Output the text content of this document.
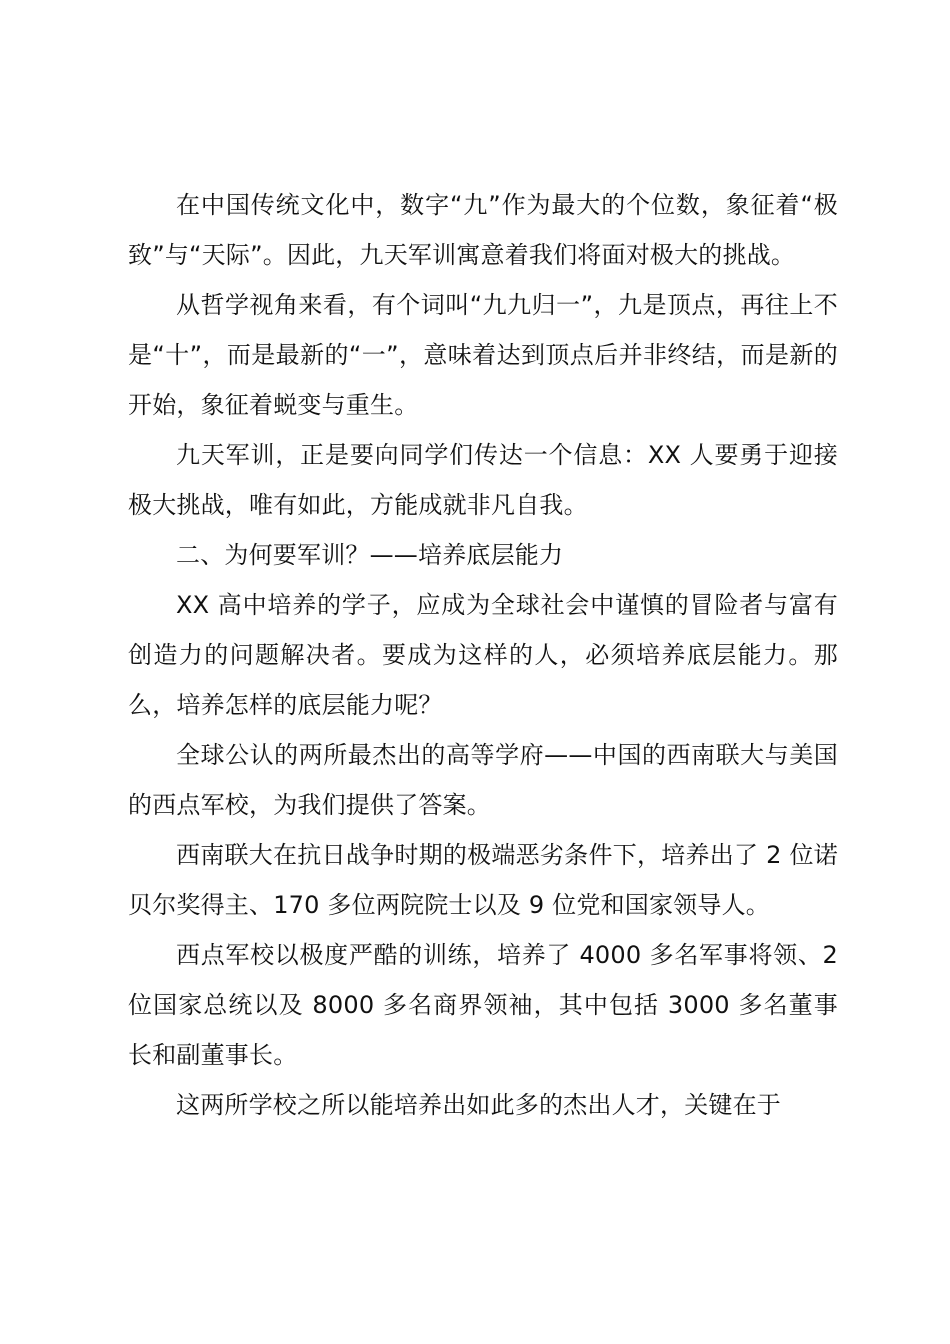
在中国传统文化中，数字“九”作为最大的个位数，象征着“极致”与“天际”。因此，九天军训寓意着我们将面对极大的挑战。

从哲学视角来看，有个词叫“九九归一”，九是顶点，再往上不是“十”，而是最新的“一”，意味着达到顶点后并非终结，而是新的开始，象征着蜕变与重生。

九天军训，正是要向同学们传达一个信息：XX 人要勇于迎接极大挑战，唯有如此，方能成就非凡自我。

二、为何要军训？——培养底层能力

XX 高中培养的学子，应成为全球社会中谨慎的冒险者与富有创造力的问题解决者。要成为这样的人，必须培养底层能力。那么，培养怎样的底层能力呢？

全球公认的两所最杰出的高等学府——中国的西南联大与美国的西点军校，为我们提供了答案。

西南联大在抗日战争时期的极端恶劣条件下，培养出了 2 位诺贝尔奖得主、170 多位两院院士以及 9 位党和国家领导人。

西点军校以极度严酷的训练，培养了 4000 多名军事将领、2 位国家总统以及 8000 多名商界领袖，其中包括 3000 多名董事长和副董事长。

这两所学校之所以能培养出如此多的杰出人才，关键在于
